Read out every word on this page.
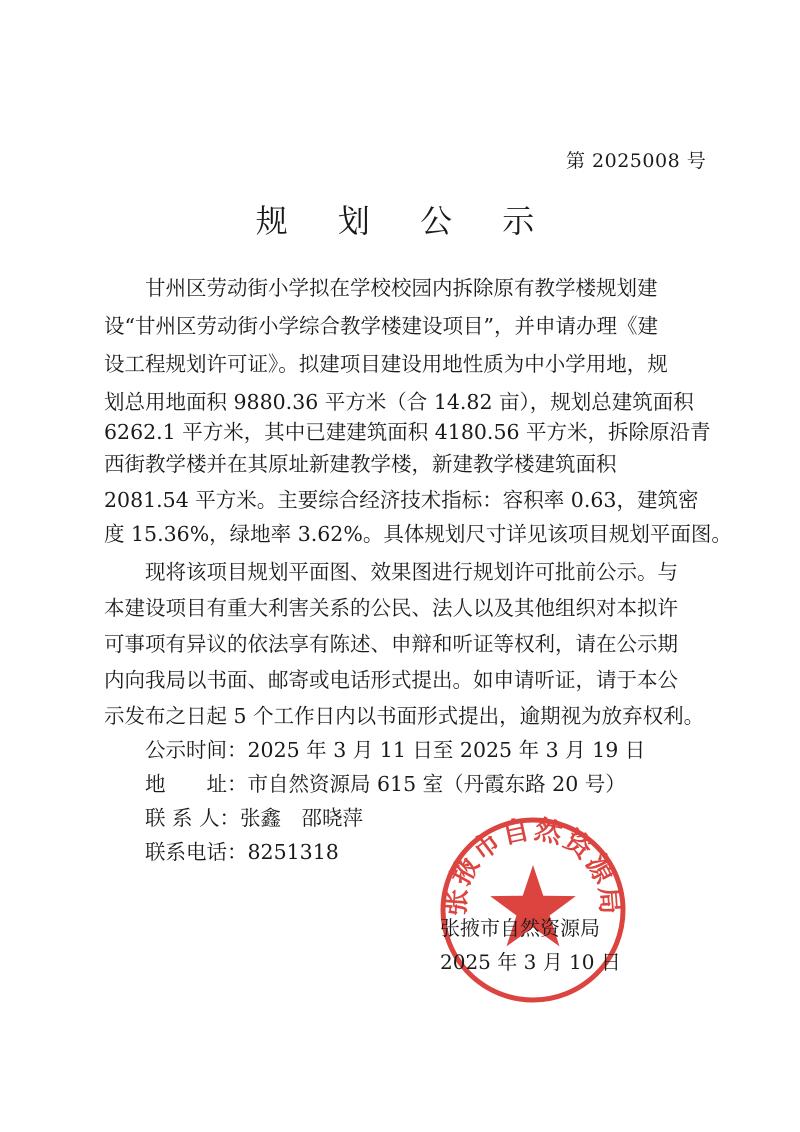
第 2025008 号
规 划 公 示
甘州区劳动街小学拟在学校校园内拆除原有教学楼规划建
设“甘州区劳动街小学综合教学楼建设项目”，并申请办理《建
设工程规划许可证》。拟建项目建设用地性质为中小学用地，规
划总用地面积 9880.36 平方米（合 14.82 亩），规划总建筑面积
6262.1 平方米，其中已建建筑面积 4180.56 平方米，拆除原沿青
西街教学楼并在其原址新建教学楼，新建教学楼建筑面积
2081.54 平方米。主要综合经济技术指标：容积率 0.63，建筑密
度 15.36%，绿地率 3.62%。具体规划尺寸详见该项目规划平面图。
现将该项目规划平面图、效果图进行规划许可批前公示。与
本建设项目有重大利害关系的公民、法人以及其他组织对本拟许
可事项有异议的依法享有陈述、申辩和听证等权利，请在公示期
内向我局以书面、邮寄或电话形式提出。如申请听证，请于本公
示发布之日起 5 个工作日内以书面形式提出，逾期视为放弃权利。
公示时间：2025 年 3 月 11 日至 2025 年 3 月 19 日
地　　址：市自然资源局 615 室（丹霞东路 20 号）
联 系 人：张鑫　邵晓萍
联系电话：8251318
张掖市自然资源局
张掖市自然资源局
2025 年 3 月 10 日
